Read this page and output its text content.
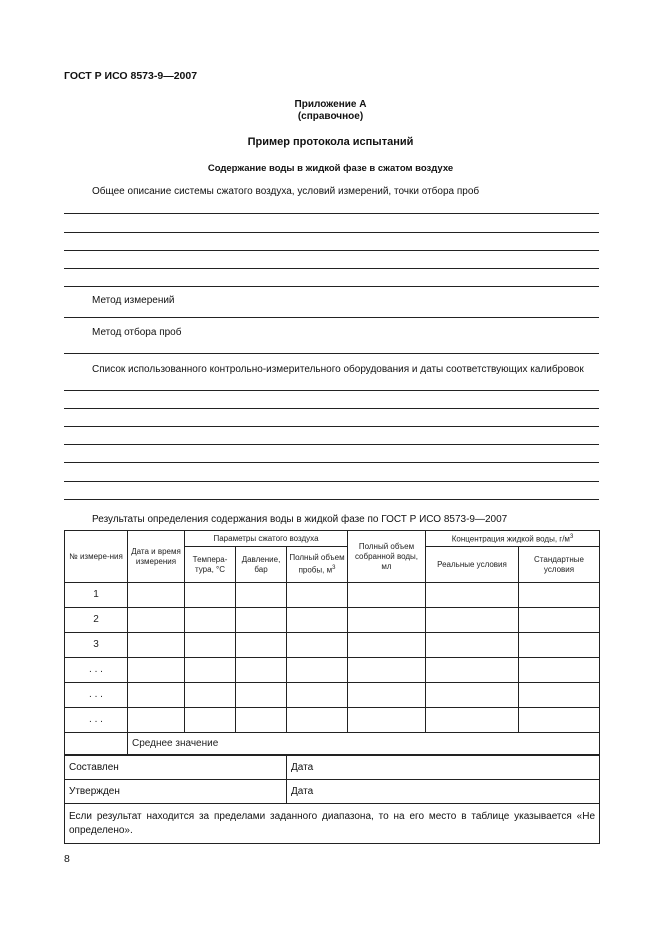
ГОСТ Р ИСО 8573-9—2007
Приложение А
(справочное)
Пример протокола испытаний
Содержание воды в жидкой фазе в сжатом воздухе
Общее описание системы сжатого воздуха, условий измерений, точки отбора проб
Метод измерений
Метод отбора проб
Список использованного контрольно-измерительного оборудования и даты соответствующих калибровок
Результаты определения содержания воды в жидкой фазе по ГОСТ Р ИСО 8573-9—2007
№ измере-ния	Дата и время измерения	Параметры сжатого воздуха			Полный объем собранной воды, мл	Концентрация жидкой воды, $г/м^3$
		Темпера-тура, °С	Давление, бар	Полный объем пробы, $м^3$		Реальные условия	Стандартные условия
1							
2							
3							
. . .							
. . .							
. . .							
	Среднее значение						
Составлен	Дата
Утвержден	Дата
Если результат находится за пределами заданного диапазона, то на его место в таблице указывается «Не определено».	
8
